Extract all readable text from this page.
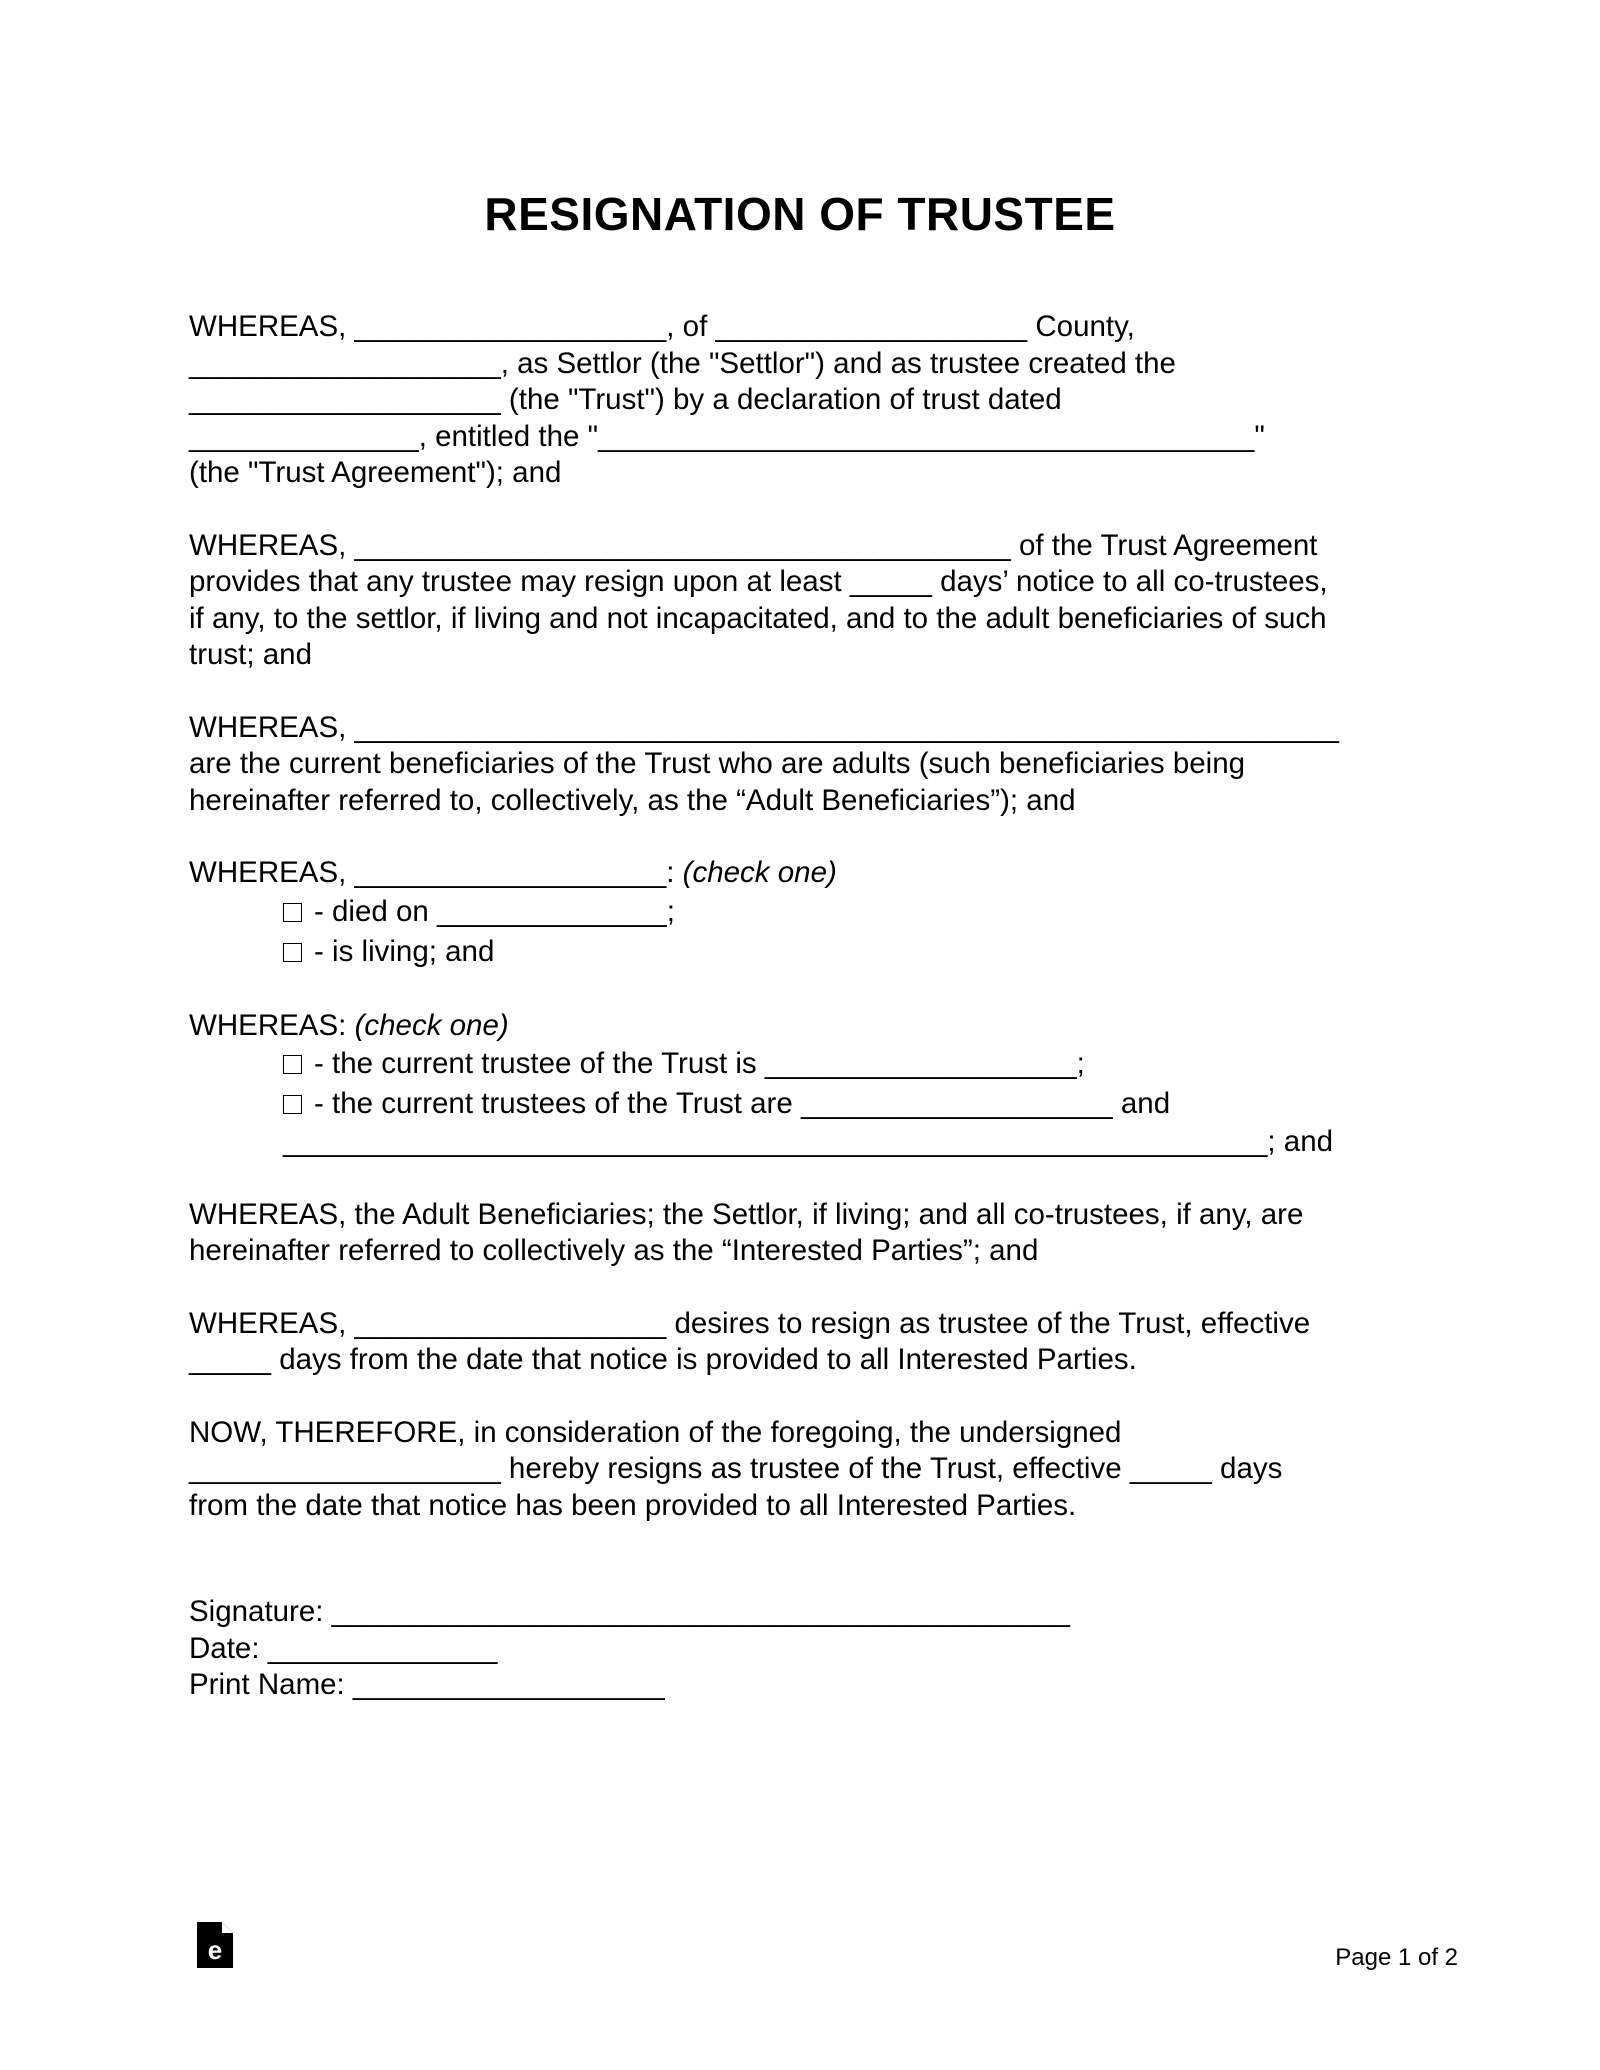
RESIGNATION OF TRUSTEE
WHEREAS, ___________________, of ___________________ County,
___________________, as Settlor (the "Settlor") and as trustee created the
___________________ (the "Trust") by a declaration of trust dated
______________, entitled the "________________________________________"
(the "Trust Agreement"); and
WHEREAS, ________________________________________ of the Trust Agreement
provides that any trustee may resign upon at least _____ days’ notice to all co-trustees,
if any, to the settlor, if living and not incapacitated, and to the adult beneficiaries of such
trust; and
WHEREAS, ____________________________________________________________
are the current beneficiaries of the Trust who are adults (such beneficiaries being
hereinafter referred to, collectively, as the “Adult Beneficiaries”); and
WHEREAS, ___________________: (check one)
- died on ______________;
- is living; and
WHEREAS: (check one)
- the current trustee of the Trust is ___________________;
- the current trustees of the Trust are ___________________ and
____________________________________________________________; and
WHEREAS, the Adult Beneficiaries; the Settlor, if living; and all co-trustees, if any, are
hereinafter referred to collectively as the “Interested Parties”; and
WHEREAS, ___________________ desires to resign as trustee of the Trust, effective
_____ days from the date that notice is provided to all Interested Parties.
NOW, THEREFORE, in consideration of the foregoing, the undersigned
___________________ hereby resigns as trustee of the Trust, effective _____ days
from the date that notice has been provided to all Interested Parties.
Signature: _____________________________________________
Date: ______________
Print Name: ___________________
e	Page 1 of 2
